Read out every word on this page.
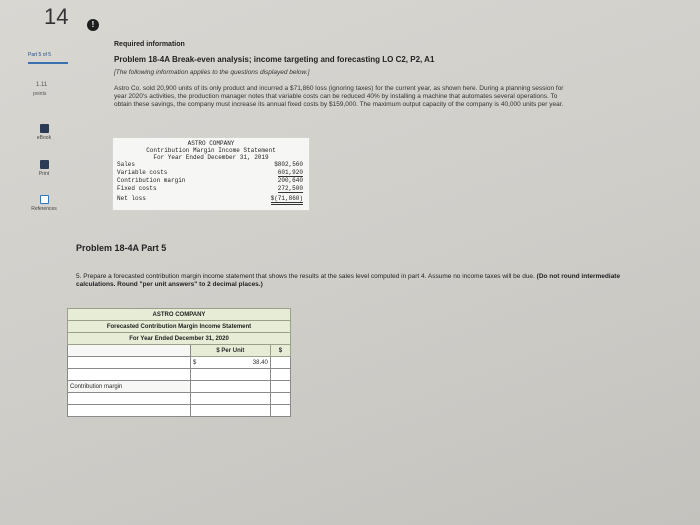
14
Part 5 of 5
1.11
points
eBook
Print
References
!
Required information
Problem 18-4A Break-even analysis; income targeting and forecasting LO C2, P2, A1
[The following information applies to the questions displayed below.]
Astro Co. sold 20,900 units of its only product and incurred a $71,860 loss (ignoring taxes) for the current year, as shown here. During a planning session for year 2020's activities, the production manager notes that variable costs can be reduced 40% by installing a machine that automates several operations. To obtain these savings, the company must increase its annual fixed costs by $159,000. The maximum output capacity of the company is 40,000 units per year.
ASTRO COMPANY
Contribution Margin Income Statement
For Year Ended December 31, 2019
Sales	$802,560
Variable costs	601,920
Contribution margin	200,640
Fixed costs	272,500
Net loss	$(71,860)
Problem 18-4A Part 5
5. Prepare a forecasted contribution margin income statement that shows the results at the sales level computed in part 4. Assume no income taxes will be due. (Do not round intermediate calculations. Round "per unit answers" to 2 decimal places.)
ASTRO COMPANY		
Forecasted Contribution Margin Income Statement		
For Year Ended December 31, 2020		
	$ Per Unit	$

	$ 38.40	

Contribution margin		
